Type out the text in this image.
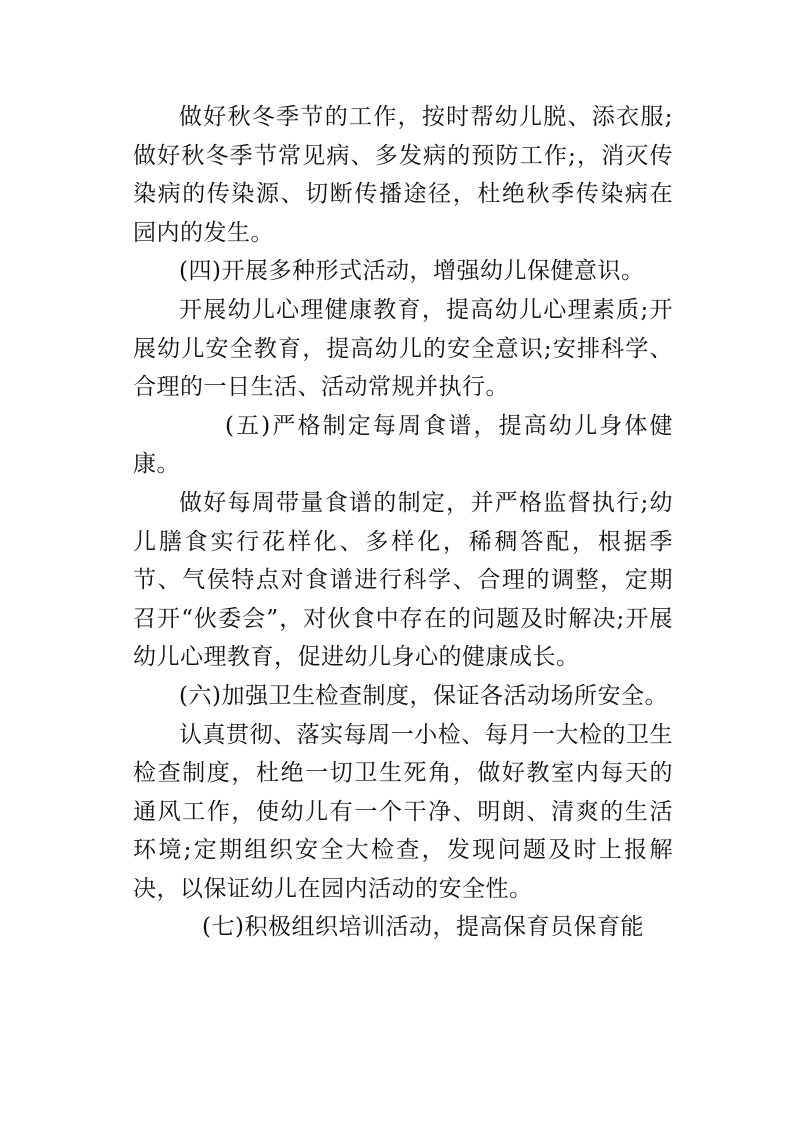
做好秋冬季节的工作，按时帮幼儿脱、添衣服;做好秋冬季节常见病、多发病的预防工作;，消灭传染病的传染源、切断传播途径，杜绝秋季传染病在园内的发生。

(四)开展多种形式活动，增强幼儿保健意识。

开展幼儿心理健康教育，提高幼儿心理素质;开展幼儿安全教育，提高幼儿的安全意识;安排科学、合理的一日生活、活动常规并执行。

(五)严格制定每周食谱，提高幼儿身体健康。

做好每周带量食谱的制定，并严格监督执行;幼儿膳食实行花样化、多样化，稀稠答配，根据季节、气侯特点对食谱进行科学、合理的调整，定期召开“伙委会”，对伙食中存在的问题及时解决;开展幼儿心理教育，促进幼儿身心的健康成长。

(六)加强卫生检查制度，保证各活动场所安全。

认真贯彻、落实每周一小检、每月一大检的卫生检查制度，杜绝一切卫生死角，做好教室内每天的通风工作，使幼儿有一个干净、明朗、清爽的生活环境;定期组织安全大检查，发现问题及时上报解决，以保证幼儿在园内活动的安全性。

(七)积极组织培训活动，提高保育员保育能
